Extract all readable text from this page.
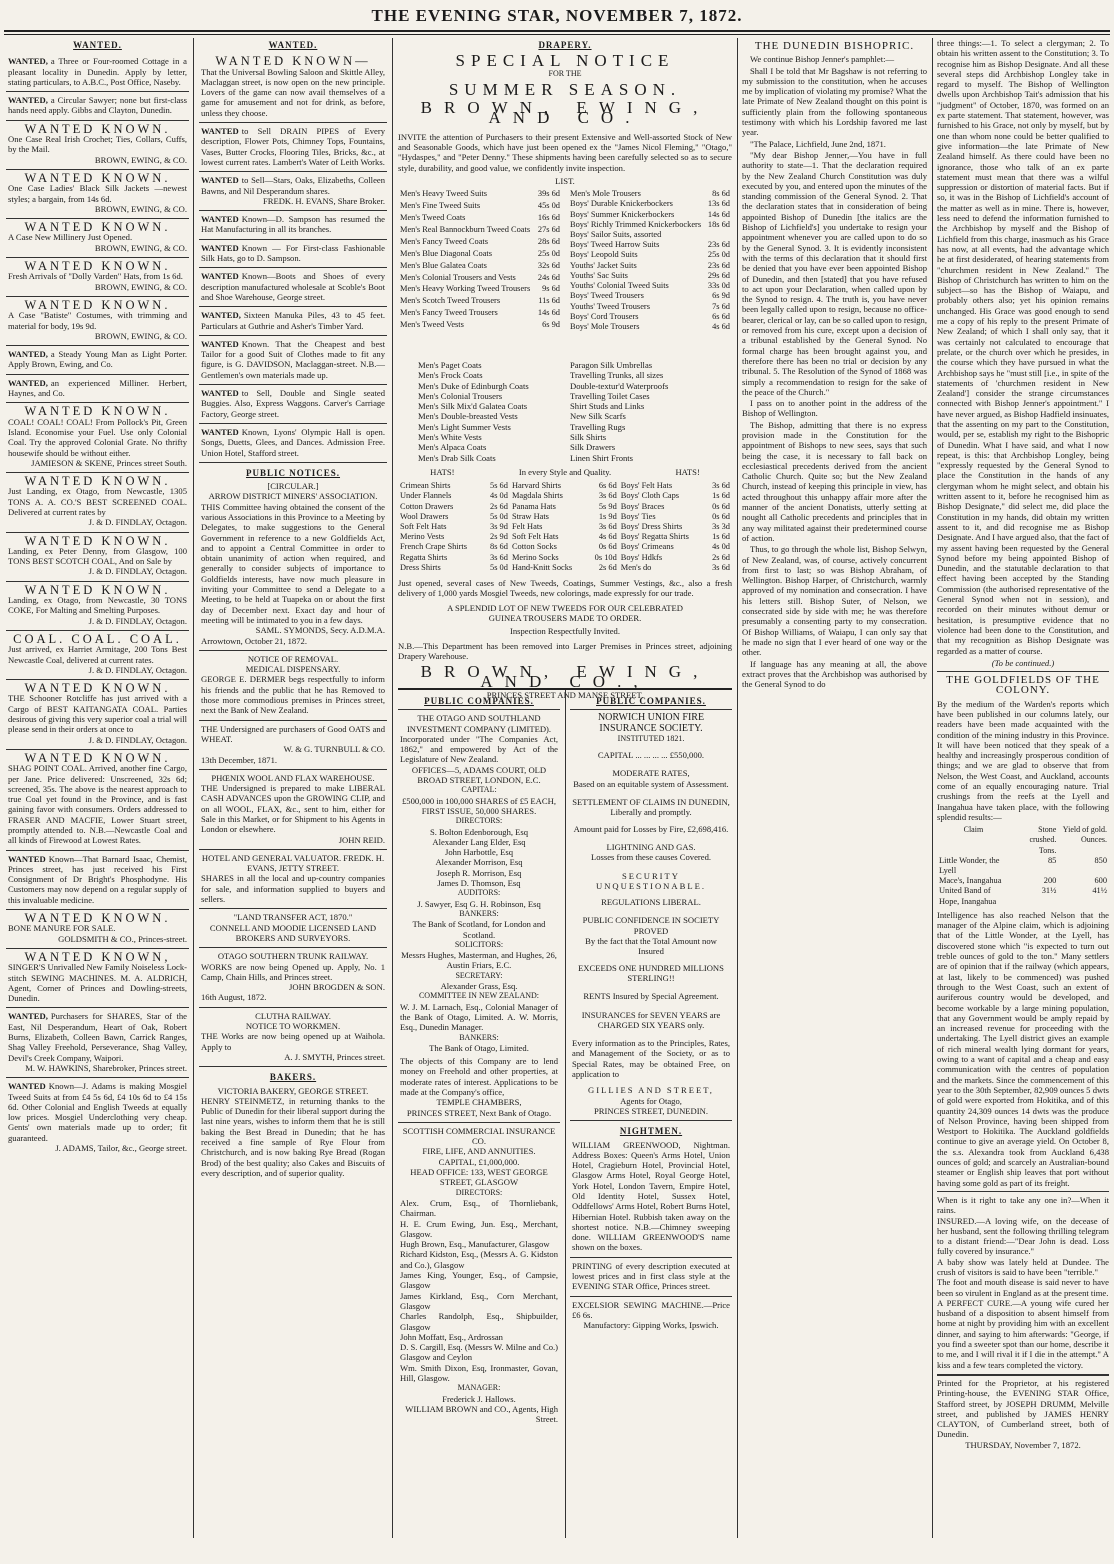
THE EVENING STAR, NOVEMBER 7, 1872.
WANTED.

WANTED, a Three or Four-roomed Cottage in a pleasant locality in Dunedin. Apply by letter, stating particulars, to A.B.C., Post Office, Naseby.

WANTED, a Circular Sawyer; none but first-class hands need apply. Gibbs and Clayton, Dunedin.

WANTED KNOWN.

One Case Real Irish Crochet; Ties, Collars, Cuffs, by the Mail.

BROWN, EWING, & CO.

WANTED KNOWN.

One Case Ladies' Black Silk Jackets —newest styles; a bargain, from 14s 6d.

BROWN, EWING, & CO.

WANTED KNOWN.

A Case New Millinery Just Opened.

BROWN, EWING, & CO.

WANTED KNOWN.

Fresh Arrivals of "Dolly Varden" Hats, from 1s 6d.

BROWN, EWING, & CO.

WANTED KNOWN.

A Case "Batiste" Costumes, with trimming and material for body, 19s 9d.

BROWN, EWING, & CO.

WANTED, a Steady Young Man as Light Porter. Apply Brown, Ewing, and Co.

WANTED, an experienced Milliner. Herbert, Haynes, and Co.

WANTED KNOWN.

COAL! COAL! COAL! From Pollock's Pit, Green Island. Economise your Fuel. Use only Colonial Coal. Try the approved Colonial Grate. No thrifty housewife should be without either.

JAMIESON & SKENE, Princes street South.

WANTED KNOWN.

Just Landing, ex Otago, from Newcastle, 1305 TONS A. A. CO.'S BEST SCREENED COAL. Delivered at current rates by

J. & D. FINDLAY, Octagon.

WANTED KNOWN.

Landing, ex Peter Denny, from Glasgow, 100 TONS BEST SCOTCH COAL, And on Sale by

J. & D. FINDLAY, Octagon.

WANTED KNOWN.

Landing, ex Otago, from Newcastle, 30 TONS COKE, For Malting and Smelting Purposes.

J. & D. FINDLAY, Octagon.

COAL. COAL. COAL.

Just arrived, ex Harriet Armitage, 200 Tons Best Newcastle Coal, delivered at current rates.

J. & D. FINDLAY, Octagon.

WANTED KNOWN.

THE Schooner Rotcliffe has just arrived with a Cargo of BEST KAITANGATA COAL. Parties desirous of giving this very superior coal a trial will please send in their orders at once to

J. & D. FINDLAY, Octagon.

WANTED KNOWN.

SHAG POINT COAL. Arrived, another fine Cargo, per Jane. Price delivered: Unscreened, 32s 6d; screened, 35s. The above is the nearest approach to true Coal yet found in the Province, and is fast gaining favor with consumers. Orders addressed to FRASER AND MACFIE, Lower Stuart street, promptly attended to. N.B.—Newcastle Coal and all kinds of Firewood at Lowest Rates.

WANTED Known—That Barnard Isaac, Chemist, Princes street, has just received his First Consignment of Dr Bright's Phosphodyne. His Customers may now depend on a regular supply of this invaluable medicine.

WANTED KNOWN.

BONE MANURE FOR SALE.

GOLDSMITH & CO., Princes-street.

WANTED KNOWN,

SINGER'S Unrivalled New Family Noiseless Lock-stitch SEWING MACHINES. M. A. ALDRICH, Agent, Corner of Princes and Dowling-streets, Dunedin.

WANTED, Purchasers for SHARES, Star of the East, Nil Desperandum, Heart of Oak, Robert Burns, Elizabeth, Colleen Bawn, Carrick Ranges, Shag Valley Freehold, Perseverance, Shag Valley, Devil's Creek Company, Waipori.

M. W. HAWKINS, Sharebroker, Princes street.

WANTED Known—J. Adams is making Mosgiel Tweed Suits at from £4 5s 6d, £4 10s 6d to £4 15s 6d. Other Colonial and English Tweeds at equally low prices. Mosgiel Underclothing very cheap. Gents' own materials made up to order; fit guaranteed.

J. ADAMS, Tailor, &c., George street.

WANTED.

WANTED KNOWN—

That the Universal Bowling Saloon and Skittle Alley, Maclaggan street, is now open on the new principle. Lovers of the game can now avail themselves of a game for amusement and not for drink, as before, unless they choose.

WANTED to Sell DRAIN PIPES of Every description, Flower Pots, Chimney Tops, Fountains, Vases, Butter Crocks, Flooring Tiles, Bricks, &c., at lowest current rates. Lambert's Water of Leith Works.

WANTED to Sell—Stars, Oaks, Elizabeths, Colleen Bawns, and Nil Desperandum shares.

FREDK. H. EVANS, Share Broker.

WANTED Known—D. Sampson has resumed the Hat Manufacturing in all its branches.

WANTED Known — For First-class Fashionable Silk Hats, go to D. Sampson.

WANTED Known—Boots and Shoes of every description manufactured wholesale at Scoble's Boot and Shoe Warehouse, George street.

WANTED, Sixteen Manuka Piles, 43 to 45 feet. Particulars at Guthrie and Asher's Timber Yard.

WANTED Known. That the Cheapest and best Tailor for a good Suit of Clothes made to fit any figure, is G. DAVIDSON, Maclaggan-street. N.B.—Gentlemen's own materials made up.

WANTED to Sell, Double and Single seated Buggies. Also, Express Waggons. Carver's Carriage Factory, George street.

WANTED Known, Lyons' Olympic Hall is open. Songs, Duetts, Glees, and Dances. Admission Free. Union Hotel, Stafford street.
PUBLIC NOTICES.

[CIRCULAR.]

ARROW DISTRICT MINERS' ASSOCIATION.

THIS Committee having obtained the consent of the various Associations in this Province to a Meeting by Delegates, to make suggestions to the General Government in reference to a new Goldfields Act, and to appoint a Central Committee in order to obtain unanimity of action when required, and generally to consider subjects of importance to Goldfields interests, have now much pleasure in inviting your Committee to send a Delegate to a Meeting, to be held at Tuapeka on or about the first day of December next. Exact day and hour of meeting will be intimated to you in a few days.

SAML. SYMONDS, Secy. A.D.M.A.

Arrowtown, October 21, 1872.

NOTICE OF REMOVAL.

MEDICAL DISPENSARY.

GEORGE E. DERMER begs respectfully to inform his friends and the public that he has Removed to those more commodious premises in Princes street, next the Bank of New Zealand.

THE Undersigned are purchasers of Good OATS and WHEAT.

W. & G. TURNBULL & CO.

13th December, 1871.

PHŒNIX WOOL AND FLAX WAREHOUSE.

THE Undersigned is prepared to make LIBERAL CASH ADVANCES upon the GROWING CLIP, and on all WOOL, FLAX, &c., sent to him, either for Sale in this Market, or for Shipment to his Agents in London or elsewhere.

JOHN REID.

HOTEL AND GENERAL VALUATOR. FREDK. H. EVANS, JETTY STREET.

SHARES in all the local and up-country companies for sale, and information supplied to buyers and sellers.

"LAND TRANSFER ACT, 1870."

CONNELL AND MOODIE LICENSED LAND BROKERS AND SURVEYORS.

OTAGO SOUTHERN TRUNK RAILWAY.

WORKS are now being Opened up. Apply, No. 1 Camp, Chain Hills, and Princes street.

JOHN BROGDEN & SON.

16th August, 1872.

CLUTHA RAILWAY.

NOTICE TO WORKMEN.

THE Works are now being opened up at Waihola. Apply to

A. J. SMYTH, Princes street.

BAKERS.

VICTORIA BAKERY, GEORGE STREET.

HENRY STEINMETZ, in returning thanks to the Public of Dunedin for their liberal support during the last nine years, wishes to inform them that he is still baking the Best Bread in Dunedin; that he has received a fine sample of Rye Flour from Christchurch, and is now baking Rye Bread (Rogan Brod) of the best quality; also Cakes and Biscuits of every description, and of superior quality.

DRAPERY.
SPECIAL NOTICE
FOR THE
SUMMER SEASON.
BROWN, EWING, AND CO.

INVITE the attention of Purchasers to their present Extensive and Well-assorted Stock of New and Seasonable Goods, which have just been opened ex the "James Nicol Fleming," "Otago," "Hydaspes," and "Peter Denny." These shipments having been carefully selected so as to secure style, durability, and good value, we confidently invite inspection.

LIST.

Men's Heavy Tweed Suits	39s 6d
Men's Fine Tweed Suits	45s 0d
Men's Tweed Coats	16s 6d
Men's Real Bannockburn Tweed Coats	27s 6d
Men's Fancy Tweed Coats	28s 6d
Men's Blue Diagonal Coats	25s 0d
Men's Blue Galatea Coats	32s 6d
Men's Colonial Trousers and Vests	24s 6d
Men's Heavy Working Tweed Trousers	9s 6d
Men's Scotch Tweed Trousers	11s 6d
Men's Fancy Tweed Trousers	14s 6d
Men's Tweed Vests	6s 9d
Men's Mole Trousers	8s 6d
Boys' Durable Knickerbockers	13s 6d
Boys' Summer Knickerbockers	14s 6d
Boys' Richly Trimmed Knickerbockers	18s 6d
Boys' Sailor Suits, assorted	
Boys' Tweed Harrow Suits	23s 6d
Boys' Leopold Suits	25s 0d
Youths' Jacket Suits	23s 6d
Youths' Sac Suits	29s 6d
Youths' Colonial Tweed Suits	33s 0d
Boys' Tweed Trousers	6s 9d
Youths' Tweed Trousers	7s 6d
Boys' Cord Trousers	6s 6d
Boys' Mole Trousers	4s 6d

Men's Paget Coats

Men's Frock Coats

Men's Duke of Edinburgh Coats

Men's Colonial Trousers

Men's Silk Mix'd Galatea Coats

Men's Double-breasted Vests

Men's Light Summer Vests

Men's White Vests

Men's Alpaca Coats

Men's Drab Silk Coats

Paragon Silk Umbrellas

Travelling Trunks, all sizes

Double-textur'd Waterproofs

Travelling Toilet Cases

Shirt Studs and Links

New Silk Scarfs

Travelling Rugs

Silk Shirts

Silk Drawers

Linen Shirt Fronts

HATS!	In every Style and Quality.	HATS!
Crimean Shirts	5s 6d	Harvard Shirts	6s 6d	Boys' Felt Hats	3s 6d
Under Flannels	4s 0d	Magdala Shirts	3s 6d	Boys' Cloth Caps	1s 6d
Cotton Drawers	2s 6d	Panama Hats	5s 9d	Boys' Braces	0s 6d
Wool Drawers	5s 0d	Straw Hats	1s 9d	Boys' Ties	0s 6d
Soft Felt Hats	3s 9d	Felt Hats	3s 6d	Boys' Dress Shirts	3s 3d
Merino Vests	2s 9d	Soft Felt Hats	4s 6d	Boys' Regatta Shirts	1s 6d
French Crape Shirts	8s 6d	Cotton Socks	0s 6d	Boys' Crimeans	4s 0d
Regatta Shirts	3s 6d	Merino Socks	0s 10d	Boys' Hdkfs	2s 6d
Dress Shirts	5s 0d	Hand-Knitt Socks	2s 6d	Men's do	3s 6d

Just opened, several cases of New Tweeds, Coatings, Summer Vestings, &c., also a fresh delivery of 1,000 yards Mosgiel Tweeds, new colorings, made expressly for our trade.

A SPLENDID LOT OF NEW TWEEDS FOR OUR CELEBRATED

GUINEA TROUSERS MADE TO ORDER.

Inspection Respectfully Invited.

N.B.—This Department has been removed into Larger Premises in Princes street, adjoining Drapery Warehouse.

BROWN, EWING, AND CO.,

PRINCES STREET AND MANSE STREET.

PUBLIC COMPANIES.

THE OTAGO AND SOUTHLAND INVESTMENT COMPANY (LIMITED).

Incorporated under "The Companies Act, 1862," and empowered by Act of the Legislature of New Zealand.

OFFICES—5, ADAMS COURT, OLD BROAD STREET, LONDON, E.C.

CAPITAL:

£500,000 in 100,000 SHARES of £5 EACH, FIRST ISSUE, 50,000 SHARES.

DIRECTORS:

S. Bolton Edenborough, Esq

Alexander Lang Elder, Esq

John Harbottle, Esq

Alexander Morrison, Esq

Joseph R. Morrison, Esq

James D. Thomson, Esq

AUDITORS:

J. Sawyer, Esq G. H. Robinson, Esq

BANKERS:

The Bank of Scotland, for London and Scotland.

SOLICITORS:

Messrs Hughes, Masterman, and Hughes, 26, Austin Friars, E.C.

SECRETARY:

Alexander Grass, Esq.

COMMITTEE IN NEW ZEALAND:

W. J. M. Larnach, Esq., Colonial Manager of the Bank of Otago, Limited. A. W. Morris, Esq., Dunedin Manager.

BANKERS:

The Bank of Otago, Limited.

The objects of this Company are to lend money on Freehold and other properties, at moderate rates of interest. Applications to be made at the Company's office,

TEMPLE CHAMBERS,

PRINCES STREET, Next Bank of Otago.

SCOTTISH COMMERCIAL INSURANCE CO.

FIRE, LIFE, AND ANNUITIES.

CAPITAL, £1,000,000.

HEAD OFFICE: 133, WEST GEORGE STREET, GLASGOW

DIRECTORS:

Alex. Crum, Esq., of Thornliebank, Chairman.

H. E. Crum Ewing, Jun. Esq., Merchant, Glasgow.

Hugh Brown, Esq., Manufacturer, Glasgow

Richard Kidston, Esq., (Messrs A. G. Kidston and Co.), Glasgow

James King, Younger, Esq., of Campsie, Glasgow

James Kirkland, Esq., Corn Merchant, Glasgow

Charles Randolph, Esq., Shipbuilder, Glasgow

John Moffatt, Esq., Ardrossan

D. S. Cargill, Esq. (Messrs W. Milne and Co.) Glasgow and Ceylon

Wm. Smith Dixon, Esq, Ironmaster, Govan, Hill, Glasgow.

MANAGER:

Frederick J. Hallows.

WILLIAM BROWN and CO., Agents, High Street.

PUBLIC COMPANIES.

NORWICH UNION FIRE INSURANCE SOCIETY.

INSTITUTED 1821.

CAPITAL ... ... ... ... £550,000.

MODERATE RATES,

Based on an equitable system of Assessment.

SETTLEMENT OF CLAIMS IN DUNEDIN,

Liberally and promptly.

Amount paid for Losses by Fire, £2,698,416.

LIGHTNING AND GAS.

Losses from these causes Covered.

SECURITY UNQUESTIONABLE.

REGULATIONS LIBERAL.

PUBLIC CONFIDENCE IN SOCIETY PROVED

By the fact that the Total Amount now Insured

EXCEEDS ONE HUNDRED MILLIONS STERLING!!

RENTS Insured by Special Agreement.

INSURANCES for SEVEN YEARS are CHARGED SIX YEARS only.

Every information as to the Principles, Rates, and Management of the Society, or as to Special Rates, may be obtained Free, on application to

GILLIES AND STREET,

Agents for Otago,

PRINCES STREET, DUNEDIN.

NIGHTMEN.

WILLIAM GREENWOOD, Nightman. Address Boxes: Queen's Arms Hotel, Union Hotel, Cragieburn Hotel, Provincial Hotel, Glasgow Arms Hotel, Royal George Hotel, York Hotel, London Tavern, Empire Hotel, Old Identity Hotel, Sussex Hotel, Oddfellows' Arms Hotel, Robert Burns Hotel, Hibernian Hotel. Rubbish taken away on the shortest notice. N.B.—Chimney sweeping done. WILLIAM GREENWOOD'S name shown on the boxes.

PRINTING of every description executed at lowest prices and in first class style at the EVENING STAR Office, Princes street.

EXCELSIOR SEWING MACHINE.—Price £6 6s.

Manufactory: Gipping Works, Ipswich.

THE DUNEDIN BISHOPRIC.

We continue Bishop Jenner's pamphlet:—

Shall I be told that Mr Bagshaw is not referring to my submission to the constitution, when he accuses me by implication of violating my promise? What the late Primate of New Zealand thought on this point is sufficiently plain from the following spontaneous testimony with which his Lordship favored me last year.

"The Palace, Lichfield, June 2nd, 1871.

"My dear Bishop Jenner,—You have in full authority to state—1. That the declaration required by the New Zealand Church Constitution was duly executed by you, and entered upon the minutes of the standing commission of the General Synod. 2. That the declaration states that in consideration of being appointed Bishop of Dunedin [the italics are the Bishop of Lichfield's] you undertake to resign your appointment whenever you are called upon to do so by the General Synod. 3. It is evidently inconsistent with the terms of this declaration that it should first be denied that you have ever been appointed Bishop of Dunedin, and then [stated] that you have refused to act upon your Declaration, when called upon by the Synod to resign. 4. The truth is, you have never been legally called upon to resign, because no office-bearer, clerical or lay, can be so called upon to resign, or removed from his cure, except upon a decision of a tribunal established by the General Synod. No formal charge has been brought against you, and therefore there has been no trial or decision by any tribunal. 5. The Resolution of the Synod of 1868 was simply a recommendation to resign for the sake of the peace of the Church."

I pass on to another point in the address of the Bishop of Wellington.

The Bishop, admitting that there is no express provision made in the Constitution for the appointment of Bishops to new sees, says that such being the case, it is necessary to fall back on ecclesiastical precedents derived from the ancient Catholic Church. Quite so; but the New Zealand Church, instead of keeping this principle in view, has acted throughout this unhappy affair more after the manner of the ancient Donatists, utterly setting at nought all Catholic precedents and principles that in any way militated against their predetermined course of action.

Thus, to go through the whole list, Bishop Selwyn, of New Zealand, was, of course, actively concurrent from first to last; so was Bishop Abraham, of Wellington. Bishop Harper, of Christchurch, warmly approved of my nomination and consecration. I have his letters still. Bishop Suter, of Nelson, we consecrated side by side with me; he was therefore presumably a consenting party to my consecration. Of Bishop Williams, of Waiapu, I can only say that he made no sign that I ever heard of one way or the other.

If language has any meaning at all, the above extract proves that the Archbishop was authorised by the General Synod to do

three things:—1. To select a clergyman; 2. To obtain his written assent to the Constitution; 3. To recognise him as Bishop Designate. And all these several steps did Archbishop Longley take in regard to myself. The Bishop of Wellington dwells upon Archbishop Tait's admission that his "judgment" of October, 1870, was formed on an ex parte statement. That statement, however, was furnished to his Grace, not only by myself, but by one than whom none could be better qualified to give information—the late Primate of New Zealand himself. As there could have been no ignorance, those who talk of an ex parte statement must mean that there was a wilful suppression or distortion of material facts. But if so, it was in the Bishop of Lichfield's account of the matter as well as in mine. There is, however, less need to defend the information furnished to the Archbishop by myself and the Bishop of Lichfield from this charge, inasmuch as his Grace has now, at all events, had the advantage which he at first desiderated, of hearing statements from "churchmen resident in New Zealand." The Bishop of Christchurch has written to him on the subject—so has the Bishop of Waiapu, and probably others also; yet his opinion remains unchanged. His Grace was good enough to send me a copy of his reply to the present Primate of New Zealand; of which I shall only say, that it was certainly not calculated to encourage that prelate, or the church over which he presides, in the course which they have pursued in what the Archbishop says he "must still [i.e., in spite of the statements of 'churchmen resident in New Zealand'] consider the strange circumstances connected with Bishop Jenner's appointment." I have never argued, as Bishop Hadfield insinuates, that the assenting on my part to the Constitution, would, per se, establish my right to the Bishopric of Dunedin. What I have said, and what I now repeat, is this: that Archbishop Longley, being "expressly requested by the General Synod to place the Constitution in the hands of any clergyman whom he might select, and obtain his written assent to it, before he recognised him as Bishop Designate," did select me, did place the Constitution in my hands, did obtain my written assent to it, and did recognise me as Bishop Designate. And I have argued also, that the fact of my assent having been requested by the General Synod before my being appointed Bishop of Dunedin, and the statutable declaration to that effect having been accepted by the Standing Commission (the authorised representative of the General Synod when not in session), and recorded on their minutes without demur or hesitation, is presumptive evidence that no violence had been done to the Constitution, and that my recognition as Bishop Designate was regarded as a matter of course.

(To be continued.)

THE GOLDFIELDS OF THE COLONY.

By the medium of the Warden's reports which have been published in our columns lately, our readers have been made acquainted with the condition of the mining industry in this Province. It will have been noticed that they speak of a healthy and increasingly prosperous condition of things; and we are glad to observe that from Nelson, the West Coast, and Auckland, accounts come of an equally encouraging nature. Trial crushings from the reefs at the Lyell and Inangahua have taken place, with the following splendid results:—

Claim	Stone crushed. Tons.	Yield of gold. Ounces.
Little Wonder, the Lyell	85	850
Mace's, Inangahua	200	600
United Band of Hope, Inangahua	31½	41½

Intelligence has also reached Nelson that the manager of the Alpine claim, which is adjoining that of the Little Wonder, at the Lyell, has discovered stone which "is expected to turn out treble ounces of gold to the ton." Many settlers are of opinion that if the railway (which appears, at last, likely to be commenced) was pushed through to the West Coast, such an extent of auriferous country would be developed, and become workable by a large mining population, that any Government would be amply repaid by an increased revenue for proceeding with the undertaking. The Lyell district gives an example of rich mineral wealth lying dormant for years, owing to a want of capital and a cheap and easy communication with the centres of population and the markets. Since the commencement of this year to the 30th September, 82,909 ounces 5 dwts of gold were exported from Hokitika, and of this quantity 24,309 ounces 14 dwts was the produce of Nelson Province, having been shipped from Westport to Hokitika. The Auckland goldfields continue to give an average yield. On October 8, the s.s. Alexandra took from Auckland 6,438 ounces of gold; and scarcely an Australian-bound steamer or English ship leaves that port without having some gold as part of its freight.

When is it right to take any one in?—When it rains.

INSURED.—A loving wife, on the decease of her husband, sent the following thrilling telegram to a distant friend:—"Dear John is dead. Loss fully covered by insurance."

A baby show was lately held at Dundee. The crush of visitors is said to have been "terrible."

The foot and mouth disease is said never to have been so virulent in England as at the present time.

A PERFECT CURE.—A young wife cured her husband of a disposition to absent himself from home at night by providing him with an excellent dinner, and saying to him afterwards: "George, if you find a sweeter spot than our home, describe it to me, and I will rival it if I die in the attempt." A kiss and a few tears completed the victory.

Printed for the Proprietor, at his registered Printing-house, the EVENING STAR Office, Stafford street, by JOSEPH DRUMM, Melville street, and published by JAMES HENRY CLAYTON, of Cumberland street, both of Dunedin.

THURSDAY, November 7, 1872.
